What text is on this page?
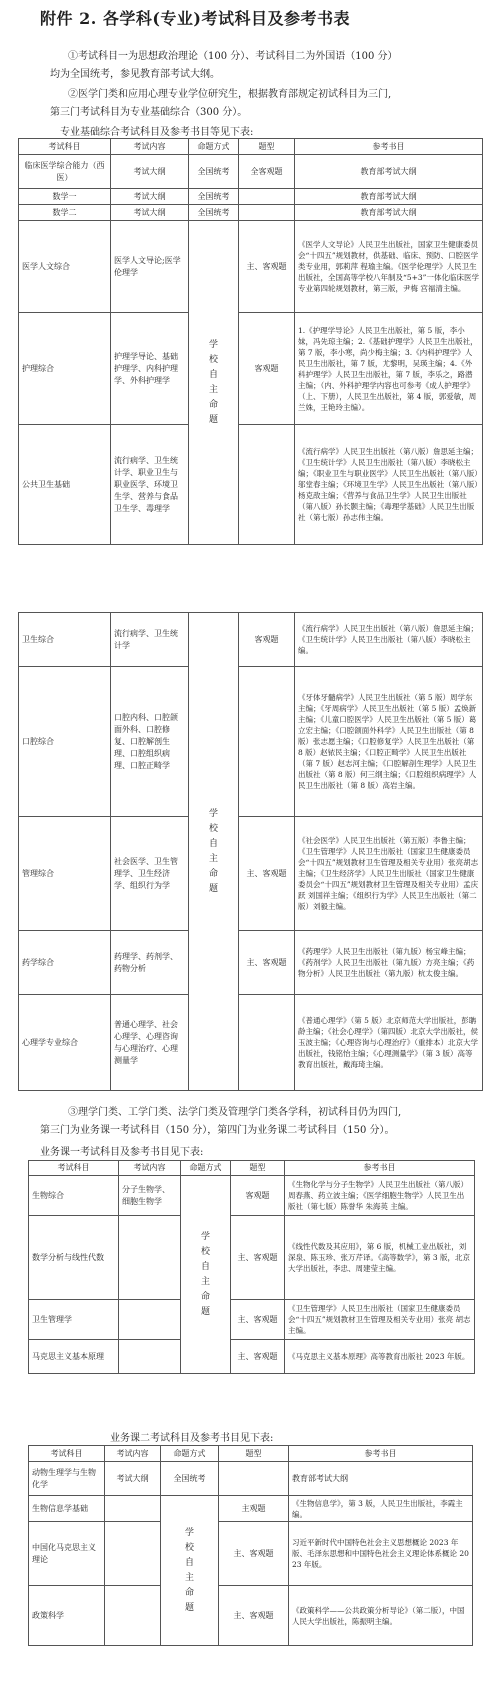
附件 2. 各学科(专业)考试科目及参考书表
①考试科目一为思想政治理论（100 分）、考试科目二为外国语（100 分）
均为全国统考，参见教育部考试大纲。
②医学门类和应用心理专业学位研究生，根据教育部规定初试科目为三门,
第三门考试科目为专业基础综合（300 分）。
专业基础综合考试科目及参考书目等见下表:
考试科目	考试内容	命题方式	题型	参考书目
临床医学综合能力（西医）	考试大纲	全国统考	全客观题	教育部考试大纲
数学一	考试大纲	全国统考		教育部考试大纲
数学二	考试大纲	全国统考		教育部考试大纲
医学人文综合	医学人文导论;医学伦理学	学校自主命题	主、客观题	《医学人文导论》人民卫生出版社，国家卫生健康委员会“十四五”规划教材，供基础、临床、预防、口腔医学类专业用，郭莉萍 程瑜主编。《医学伦理学》人民卫生出版社，全国高等学校八年制及“5+3”一体化临床医学专业第四轮规划教材，第三版，尹梅 宫福清主编。
护理综合	护理学导论、基础护理学、内科护理学、外科护理学		客观题	1.《护理学导论》人民卫生出版社，第 5 版，李小妹，冯先琼主编；2.《基础护理学》人民卫生出版社，第 7 版，李小寒，尚少梅主编；3.《内科护理学》人民卫生出版社，第 7 版，尤黎明，吴瑛主编；4.《外科护理学》人民卫生出版社，第 7 版，李乐之，路潜主编；（内、外科护理学内容也可参考《成人护理学》（上、下册），人民卫生出版社，第 4 版，郭爱敏，周兰姝，王艳玲主编）。
公共卫生基础	流行病学、卫生统计学、职业卫生与职业医学、环境卫生学、营养与食品卫生学、毒理学			《流行病学》人民卫生出版社（第八版）詹思延主编；《卫生统计学》人民卫生出版社（第八版）李晓松主编；《职业卫生与职业医学》人民卫生出版社（第八版）邬堂春主编；《环境卫生学》人民卫生出版社（第八版）杨克敌主编；《营养与食品卫生学》人民卫生出版社（第八版）孙长颢主编；《毒理学基础》人民卫生出版社（第七版）孙志伟主编。
卫生综合	流行病学、卫生统计学	学校自主命题	客观题	《流行病学》人民卫生出版社（第八版）詹思延主编；《卫生统计学》人民卫生出版社（第八版）李晓松主编。
口腔综合	口腔内科、口腔颌面外科、口腔修复、口腔解剖生理、口腔组织病理、口腔正畸学			《牙体牙髓病学》人民卫生出版社（第 5 版）周学东主编；《牙周病学》人民卫生出版社（第 5 版）孟焕新主编；《儿童口腔医学》人民卫生出版社（第 5 版）葛立宏主编；《口腔颌面外科学》人民卫生出版社（第 8 版）张志愿主编；《口腔修复学》人民卫生出版社（第 8 版）赵铱民主编；《口腔正畸学》人民卫生出版社（第 7 版）赵志河主编；《口腔解剖生理学》人民卫生出版社（第 8 版）何三纲主编；《口腔组织病理学》人民卫生出版社（第 8 版）高岩主编。
管理综合	社会医学、卫生管理学、卫生经济学、组织行为学		主、客观题	《社会医学》人民卫生出版社（第五版）李鲁主编；《卫生管理学》人民卫生出版社（国家卫生健康委员会“十四五”规划教材卫生管理及相关专业用）张亮胡志主编；《卫生经济学》人民卫生出版社（国家卫生健康委员会“十四五”规划教材卫生管理及相关专业用）孟庆跃 刘国祥主编；《组织行为学》人民卫生出版社（第二版）刘毅主编。
药学综合	药理学、药剂学、药物分析		主、客观题	《药理学》人民卫生出版社（第九版）杨宝峰主编；《药剂学》人民卫生出版社（第九版）方亮主编；《药物分析》人民卫生出版社（第九版）杭太俊主编。
心理学专业综合	普通心理学、社会心理学、心理咨询与心理治疗、心理测量学			《普通心理学》（第 5 版）北京师范大学出版社，彭聃龄主编；《社会心理学》（第四版）北京大学出版社，侯玉波主编；《心理咨询与心理治疗》（重排本）北京大学出版社，钱铭怡主编；《心理测量学》（第 3 版）高等教育出版社，戴海琦主编。
③理学门类、工学门类、法学门类及管理学门类各学科，初试科目仍为四门,
第三门为业务课一考试科目（150 分），第四门为业务课二考试科目（150 分）。
业务课一考试科目及参考书目见下表:
考试科目	考试内容	命题方式	题型	参考书目
生物综合	分子生物学、细胞生物学	学校自主命题	客观题	《生物化学与分子生物学》人民卫生出版社（第八版）周春燕、药立波主编；《医学细胞生物学》人民卫生出版社（第七版）陈誉华 朱海英 主编。
数学分析与线性代数			主、客观题	《线性代数及其应用》，第 6 版，机械工业出版社，刘深泉、陈玉珍、张万芹译。《高等数学》，第 3 版，北京大学出版社，李忠、周建莹主编。
卫生管理学			主、客观题	《卫生管理学》人民卫生出版社（国家卫生健康委员会“十四五”规划教材卫生管理及相关专业用）张亮 胡志主编。
马克思主义基本原理			主、客观题	《马克思主义基本原理》高等教育出版社 2023 年版。
业务课二考试科目及参考书目见下表:
考试科目	考试内容	命题方式	题型	参考书目
动物生理学与生物化学	考试大纲	全国统考		教育部考试大纲
生物信息学基础		学校自主命题	主观题	《生物信息学》，第 3 版，人民卫生出版社，李霞主编。
中国化马克思主义理论			主、客观题	习近平新时代中国特色社会主义思想概论 2023 年版、毛泽东思想和中国特色社会主义理论体系概论 2023 年版。
政策科学			主、客观题	《政策科学——公共政策分析导论》（第二版），中国人民大学出版社，陈振明主编。
